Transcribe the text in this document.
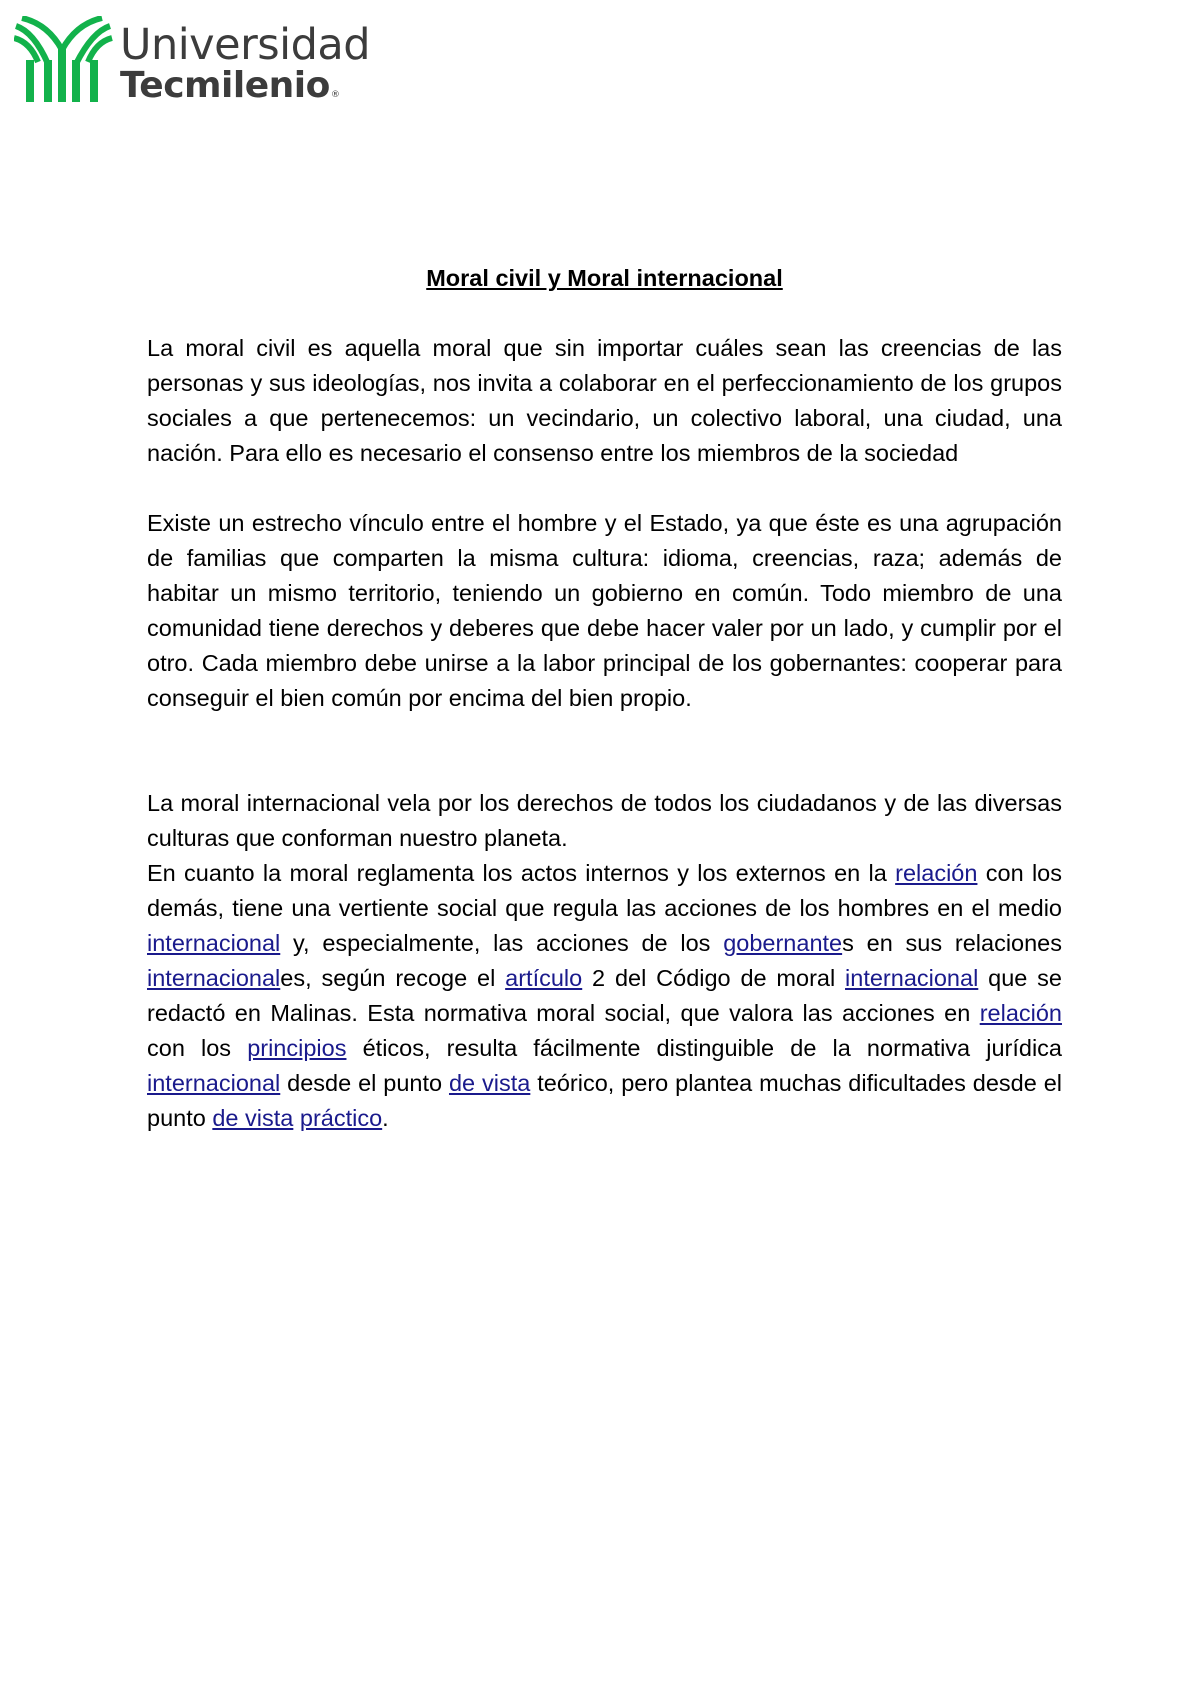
Universidad
Tecmilenio®
Moral civil y Moral internacional

La moral civil es aquella moral que sin importar cuáles sean las creencias de las personas y sus ideologías, nos invita a colaborar en el perfeccionamiento de los grupos sociales a que pertenecemos: un vecindario, un colectivo laboral, una ciudad, una nación. Para ello es necesario el consenso entre los miembros de la sociedad

Existe un estrecho vínculo entre el hombre y el Estado, ya que éste es una agrupación de familias que comparten la misma cultura: idioma, creencias, raza; además de habitar un mismo territorio, teniendo un gobierno en común. Todo miembro de una comunidad tiene derechos y deberes que debe hacer valer por un lado, y cumplir por el otro. Cada miembro debe unirse a la labor principal de los gobernantes: cooperar para conseguir el bien común por encima del bien propio.

La moral internacional vela por los derechos de todos los ciudadanos y de las diversas culturas que conforman nuestro planeta.

En cuanto la moral reglamenta los actos internos y los externos en la relación con los demás, tiene una vertiente social que regula las acciones de los hombres en el medio internacional y, especialmente, las acciones de los gobernantes en sus relaciones internacionales, según recoge el artículo 2 del Código de moral internacional que se redactó en Malinas. Esta normativa moral social, que valora las acciones en relación con los principios éticos, resulta fácilmente distinguible de la normativa jurídica internacional desde el punto de vista teórico, pero plantea muchas dificultades desde el punto de vista práctico.
